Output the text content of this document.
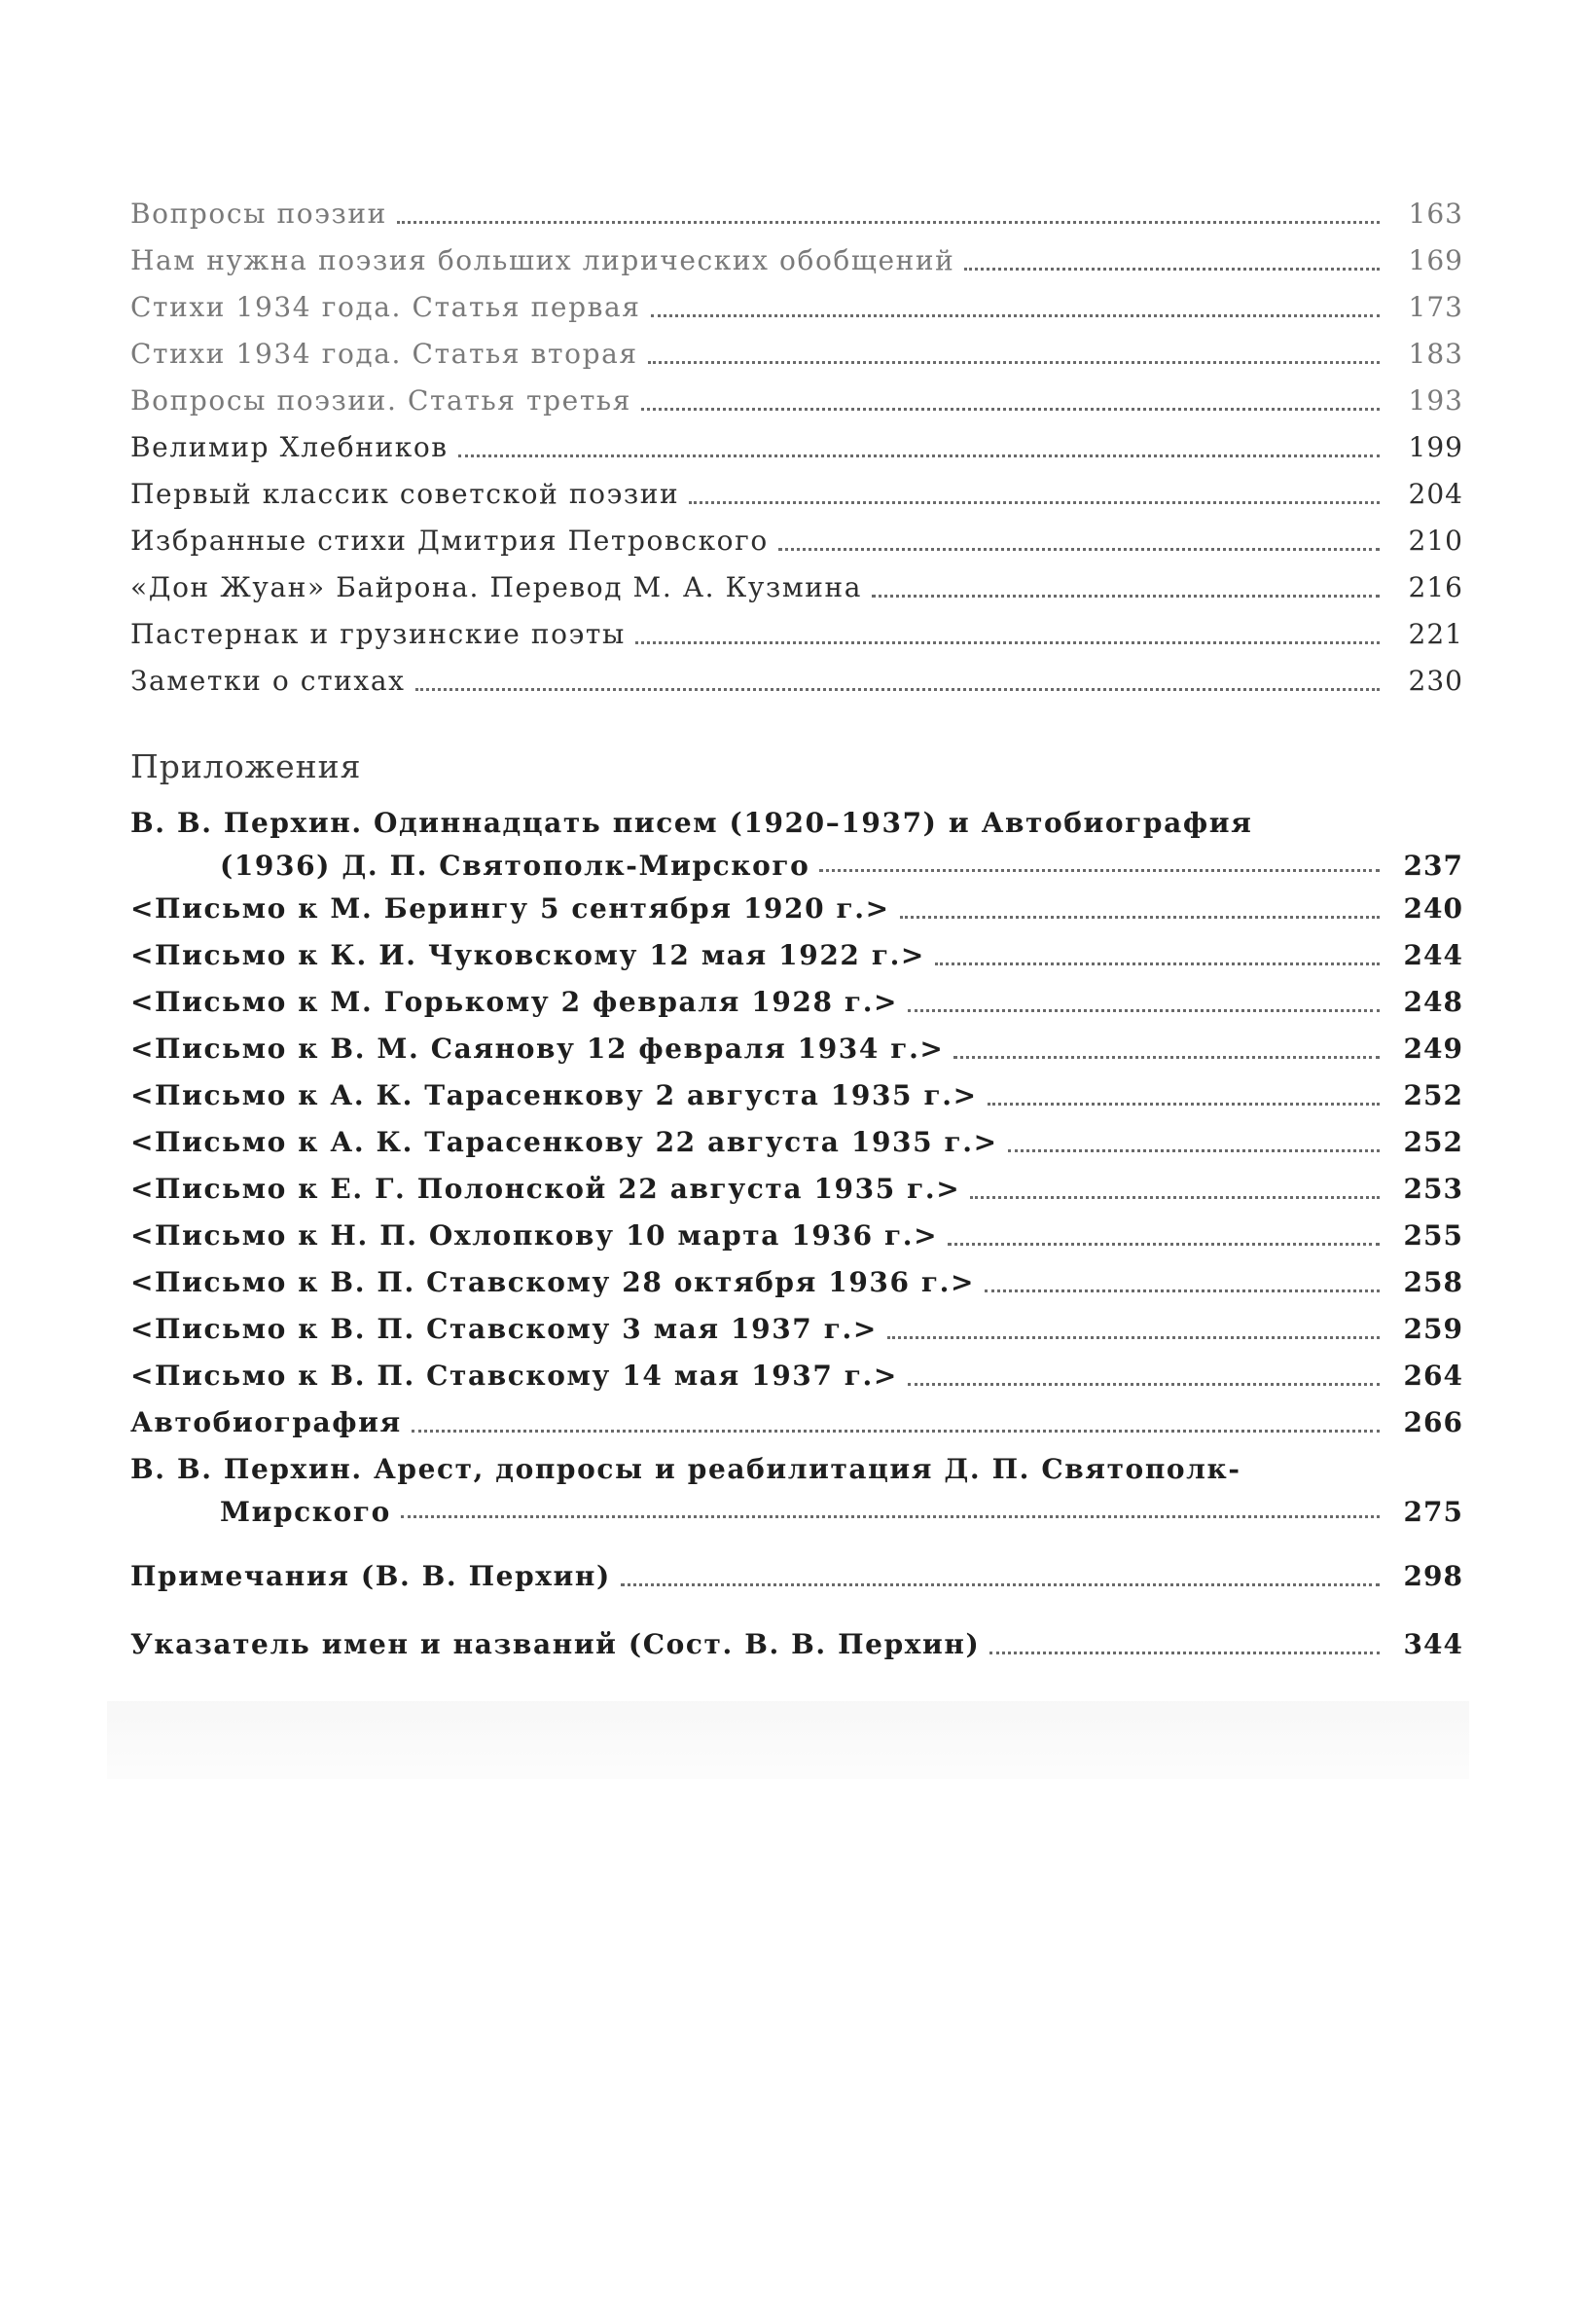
Вопросы поэзии	163
Нам нужна поэзия больших лирических обобщений	169
Стихи 1934 года. Статья первая	173
Стихи 1934 года. Статья вторая	183
Вопросы поэзии. Статья третья	193
Велимир Хлебников	199
Первый классик советской поэзии	204
Избранные стихи Дмитрия Петровского	210
«Дон Жуан» Байрона. Перевод М. А. Кузмина	216
Пастернак и грузинские поэты	221
Заметки о стихах	230
Приложения
В. В. Перхин. Одиннадцать писем (1920–1937) и Автобиография
(1936) Д. П. Святополк-Мирского	237
<Письмо к М. Берингу 5 сентября 1920 г.>	240
<Письмо к К. И. Чуковскому 12 мая 1922 г.>	244
<Письмо к М. Горькому 2 февраля 1928 г.>	248
<Письмо к В. М. Саянову 12 февраля 1934 г.>	249
<Письмо к А. К. Тарасенкову 2 августа 1935 г.>	252
<Письмо к А. К. Тарасенкову 22 августа 1935 г.>	252
<Письмо к Е. Г. Полонской 22 августа 1935 г.>	253
<Письмо к Н. П. Охлопкову 10 марта 1936 г.>	255
<Письмо к В. П. Ставскому 28 октября 1936 г.>	258
<Письмо к В. П. Ставскому 3 мая 1937 г.>	259
<Письмо к В. П. Ставскому 14 мая 1937 г.>	264
Автобиография	266
В. В. Перхин. Арест, допросы и реабилитация Д. П. Святополк-
Мирского	275
Примечания (В. В. Перхин)	298
Указатель имен и названий (Сост. В. В. Перхин)	344
